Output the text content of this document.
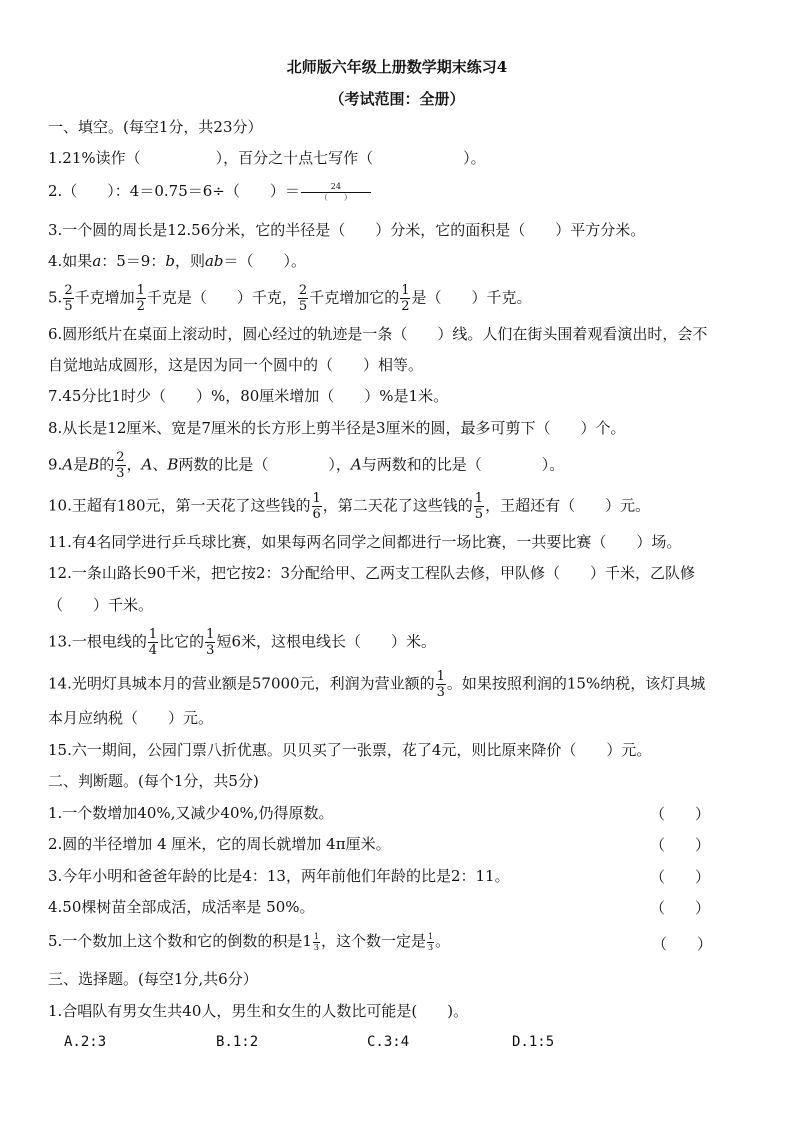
北师版六年级上册数学期末练习4
（考试范围：全册）
一、填空。(每空1分，共23分）
1.21%读作（　　　　　），百分之十点七写作（　　　　　　）。
2.（　　）：4＝0.75＝6÷（　　）＝ $\frac{24}{( )}$
3.一个圆的周长是12.56分米，它的半径是（　　）分米，它的面积是（　　）平方分米。
4.如果a：5＝9：b，则ab＝（　　）。
5. $\frac{2}{5}$ 千克增加 $\frac{1}{2}$ 千克是（　　）千克， $\frac{2}{5}$ 千克增加它的 $\frac{1}{2}$ 是（　　）千克。
6.圆形纸片在桌面上滚动时，圆心经过的轨迹是一条（　　）线。人们在街头围着观看演出时，会不
自觉地站成圆形，这是因为同一个圆中的（　　）相等。
7.45分比1时少（　　）%，80厘米增加（　　）%是1米。
8.从长是12厘米、宽是7厘米的长方形上剪半径是3厘米的圆，最多可剪下（　　）个。
9.A是B的 $\frac{2}{3}$ ，A、B两数的比是（　　　　），A与两数和的比是（　　　　）。
10.王超有180元，第一天花了这些钱的 $\frac{1}{6}$ ，第二天花了这些钱的 $\frac{1}{5}$ ，王超还有（　　）元。
11.有4名同学进行乒乓球比赛，如果每两名同学之间都进行一场比赛，一共要比赛（　　）场。
12.一条山路长90千米，把它按2：3分配给甲、乙两支工程队去修，甲队修（　　）千米，乙队修
（　　）千米。
13.一根电线的 $\frac{1}{4}$ 比它的 $\frac{1}{3}$ 短6米，这根电线长（　　）米。
14.光明灯具城本月的营业额是57000元，利润为营业额的 $\frac{1}{3}$ 。如果按照利润的15%纳税，该灯具城
本月应纳税（　　）元。
15.六一期间，公园门票八折优惠。贝贝买了一张票，花了4元，则比原来降价（　　）元。
二、判断题。(每个1分，共5分)
1.一个数增加40%,又减少40%,仍得原数。	（　　）
2.圆的半径增加 4 厘米，它的周长就增加 4π厘米。	（　　）
3.今年小明和爸爸年龄的比是4：13，两年前他们年龄的比是2：11。	（　　）
4.50棵树苗全部成活，成活率是 50%。	（　　）
5.一个数加上这个数和它的倒数的积是$1 \frac{1}{3}$ ，这个数一定是 $\frac{1}{3}$ 。	（　　）
三、选择题。(每空1分,共6分）
1.合唱队有男女生共40人，男生和女生的人数比可能是(　　)。
A.2:3	B.1:2	C.3:4	D.1:5
